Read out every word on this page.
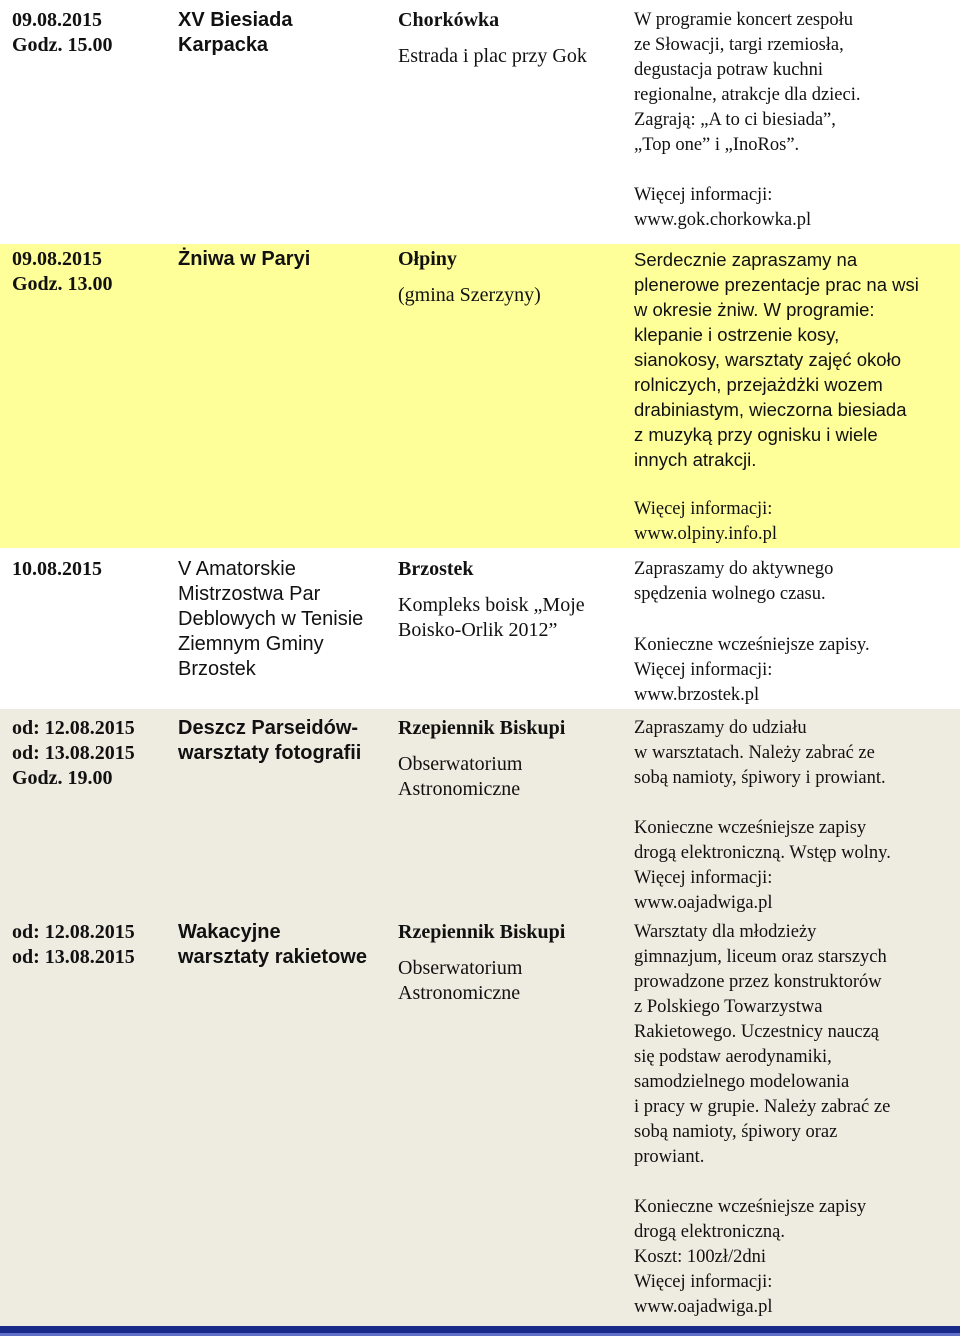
09.08.2015
Godz. 15.00
XV Biesiada
Karpacka
Chorkówka
Estrada i plac przy Gok
W programie koncert zespołu
ze Słowacji, targi rzemiosła,
degustacja potraw kuchni
regionalne, atrakcje dla dzieci.
Zagrają: „A to ci biesiada”,
„Top one” i „InoRos”.
Więcej informacji:
www.gok.chorkowka.pl
09.08.2015
Godz. 13.00
Żniwa w Paryi	Ołpiny
(gmina Szerzyny)
Serdecznie zapraszamy na
plenerowe prezentacje prac na wsi
w okresie żniw. W programie:
klepanie i ostrzenie kosy,
sianokosy, warsztaty zajęć około
rolniczych, przejażdżki wozem
drabiniastym, wieczorna biesiada
z muzyką przy ognisku i wiele
innych atrakcji.
Więcej informacji:
www.olpiny.info.pl
10.08.2015	V Amatorskie
Mistrzostwa Par
Deblowych w Tenisie
Ziemnym Gminy
Brzostek
Brzostek
Kompleks boisk „Moje
Boisko-Orlik 2012”
Zapraszamy do aktywnego
spędzenia wolnego czasu.
Konieczne wcześniejsze zapisy.
Więcej informacji:
www.brzostek.pl
od: 12.08.2015
od: 13.08.2015
Godz. 19.00
Deszcz Parseidów-
warsztaty fotografii
Rzepiennik Biskupi
Obserwatorium
Astronomiczne
Zapraszamy do udziału
w warsztatach. Należy zabrać ze
sobą namioty, śpiwory i prowiant.
Konieczne wcześniejsze zapisy
drogą elektroniczną. Wstęp wolny.
Więcej informacji:
www.oajadwiga.pl
od: 12.08.2015
od: 13.08.2015
Wakacyjne
warsztaty rakietowe
Rzepiennik Biskupi
Obserwatorium
Astronomiczne
Warsztaty dla młodzieży
gimnazjum, liceum oraz starszych
prowadzone przez konstruktorów
z Polskiego Towarzystwa
Rakietowego. Uczestnicy nauczą
się podstaw aerodynamiki,
samodzielnego modelowania
i pracy w grupie. Należy zabrać ze
sobą namioty, śpiwory oraz
prowiant.
Konieczne wcześniejsze zapisy
drogą elektroniczną.
Koszt: 100zł/2dni
Więcej informacji:
www.oajadwiga.pl
